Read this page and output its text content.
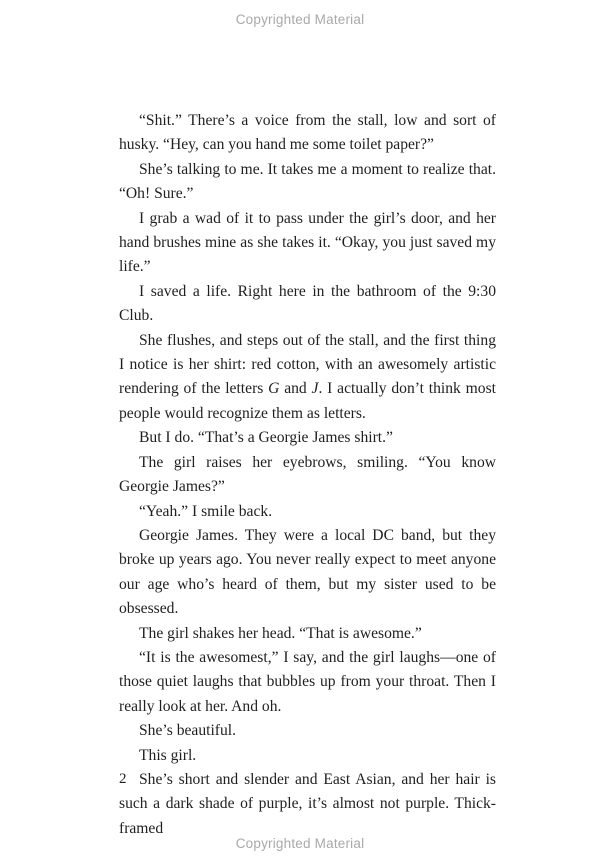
Copyrighted Material

“Shit.” There’s a voice from the stall, low and sort of husky. “Hey, can you hand me some toilet paper?”

She’s talking to me. It takes me a moment to realize that. “Oh! Sure.”

I grab a wad of it to pass under the girl’s door, and her hand brushes mine as she takes it. “Okay, you just saved my life.”

I saved a life. Right here in the bathroom of the 9:30 Club.

She flushes, and steps out of the stall, and the first thing I notice is her shirt: red cotton, with an awesomely artistic rendering of the letters G and J. I actually don’t think most people would recognize them as letters.

But I do. “That’s a Georgie James shirt.”

The girl raises her eyebrows, smiling. “You know Georgie James?”

“Yeah.” I smile back.

Georgie James. They were a local DC band, but they broke up years ago. You never really expect to meet anyone our age who’s heard of them, but my sister used to be obsessed.

The girl shakes her head. “That is awesome.”

“It is the awesomest,” I say, and the girl laughs—one of those quiet laughs that bubbles up from your throat. Then I really look at her. And oh.

She’s beautiful.

This girl.

She’s short and slender and East Asian, and her hair is such a dark shade of purple, it’s almost not purple. Thick-framed

2
Copyrighted Material
